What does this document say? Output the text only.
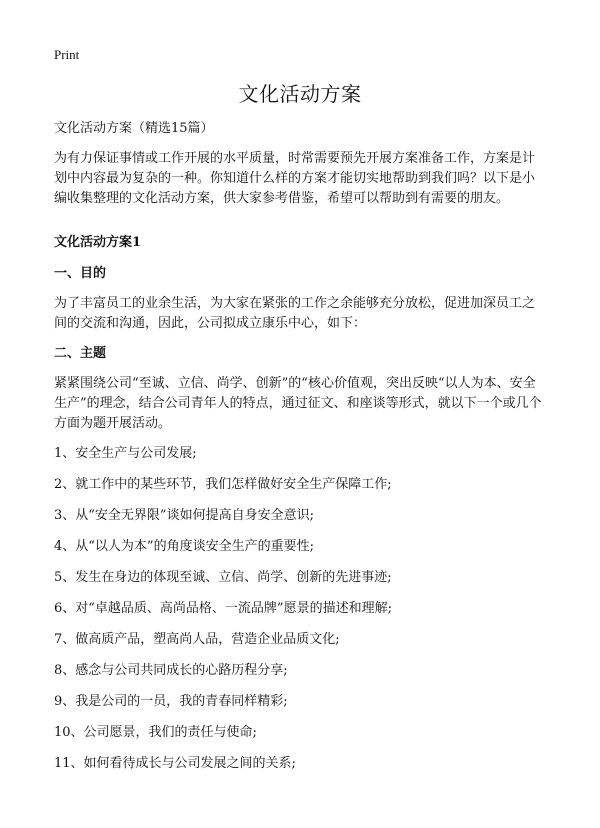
Print
文化活动方案

文化活动方案（精选15篇）

为有力保证事情或工作开展的水平质量，时常需要预先开展方案准备工作，方案是计划中内容最为复杂的一种。你知道什么样的方案才能切实地帮助到我们吗？以下是小编收集整理的文化活动方案，供大家参考借鉴，希望可以帮助到有需要的朋友。

文化活动方案1

一、目的

为了丰富员工的业余生活，为大家在紧张的工作之余能够充分放松，促进加深员工之间的交流和沟通，因此，公司拟成立康乐中心，如下：

二、主题

紧紧围绕公司“至诚、立信、尚学、创新”的“核心价值观，突出反映“以人为本、安全生产”的理念，结合公司青年人的特点，通过征文、和座谈等形式，就以下一个或几个方面为题开展活动。

1、安全生产与公司发展;
2、就工作中的某些环节，我们怎样做好安全生产保障工作;
3、从“安全无界限”谈如何提高自身安全意识;
4、从“以人为本”的角度谈安全生产的重要性;
5、发生在身边的体现至诚、立信、尚学、创新的先进事迹;
6、对“卓越品质、高尚品格、一流品牌”愿景的描述和理解;
7、做高质产品，塑高尚人品，营造企业品质文化;
8、感念与公司共同成长的心路历程分享;
9、我是公司的一员，我的青春同样精彩;
10、公司愿景，我们的责任与使命;
11、如何看待成长与公司发展之间的关系;
